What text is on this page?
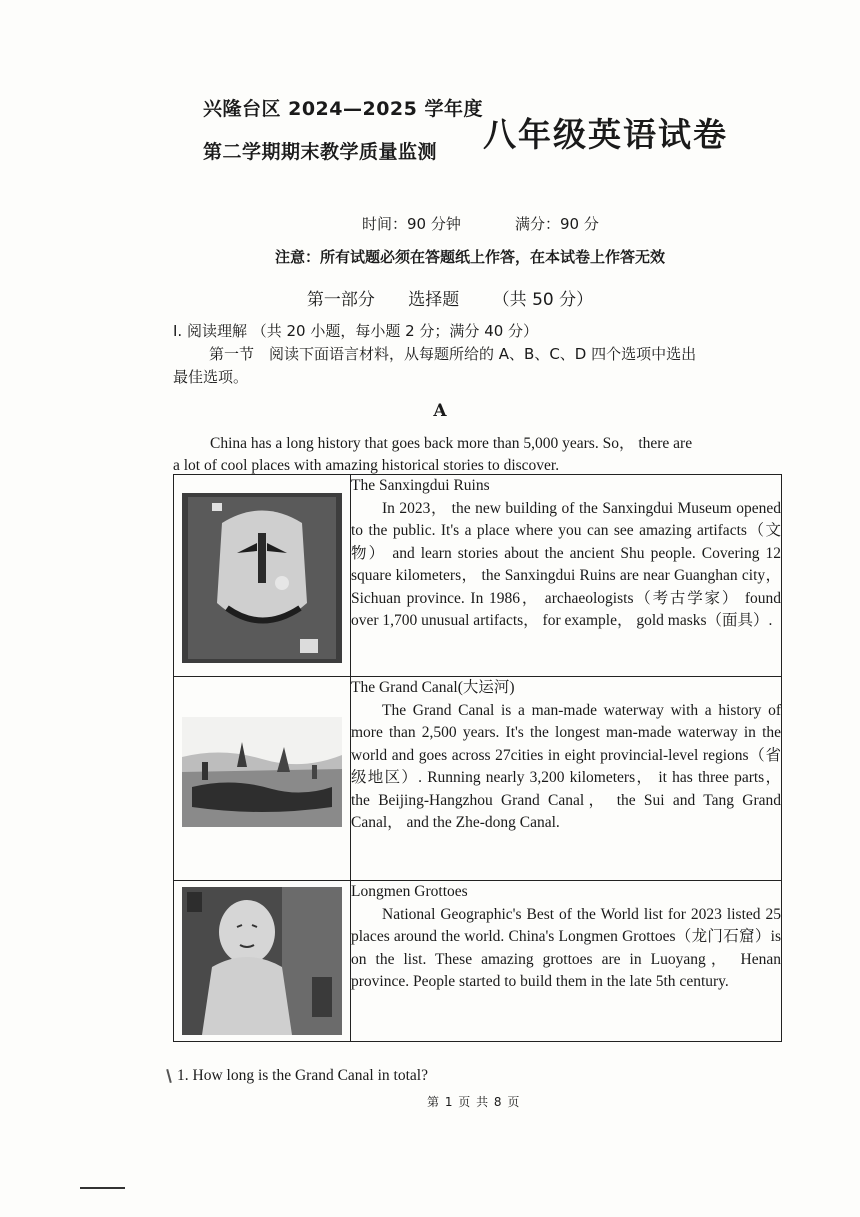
兴隆台区 2024—2025 学年度
第二学期期末教学质量监测 八年级英语试卷
时间：90 分钟	满分：90 分
注意：所有试题必须在答题纸上作答，在本试卷上作答无效
第一部分 选择题 （共 50 分）
I. 阅读理解 （共 20 小题，每小题 2 分；满分 40 分）
第一节　阅读下面语言材料，从每题所给的 A、B、C、D 四个选项中选出
最佳选项。
A
China has a long history that goes back more than 5,000 years. So， there are
a lot of cool places with amazing historical stories to discover.

The Sanxingdui Ruins
In 2023， the new building of the Sanxingdui Museum opened to the public. It's a place where you can see amazing artifacts（文物） and learn stories about the ancient Shu people. Covering 12 square kilometers， the Sanxingdui Ruins are near Guanghan city， Sichuan province. In 1986， archaeologists（考古学家） found over 1,700 unusual artifacts， for example， gold masks（面具）.

The Grand Canal(大运河)
The Grand Canal is a man-made waterway with a history of more than 2,500 years. It's the longest man-made waterway in the world and goes across 27cities in eight provincial-level regions（省级地区）. Running nearly 3,200 kilometers， it has three parts， the Beijing-Hangzhou Grand Canal， the Sui and Tang Grand Canal， and the Zhe-dong Canal.

Longmen Grottoes
National Geographic's Best of the World list for 2023 listed 25 places around the world. China's Longmen Grottoes（龙门石窟）is on the list. These amazing grottoes are in Luoyang， Henan province. People started to build them in the late 5th century.
1. How long is the Grand Canal in total?
第 1 页 共 8 页
